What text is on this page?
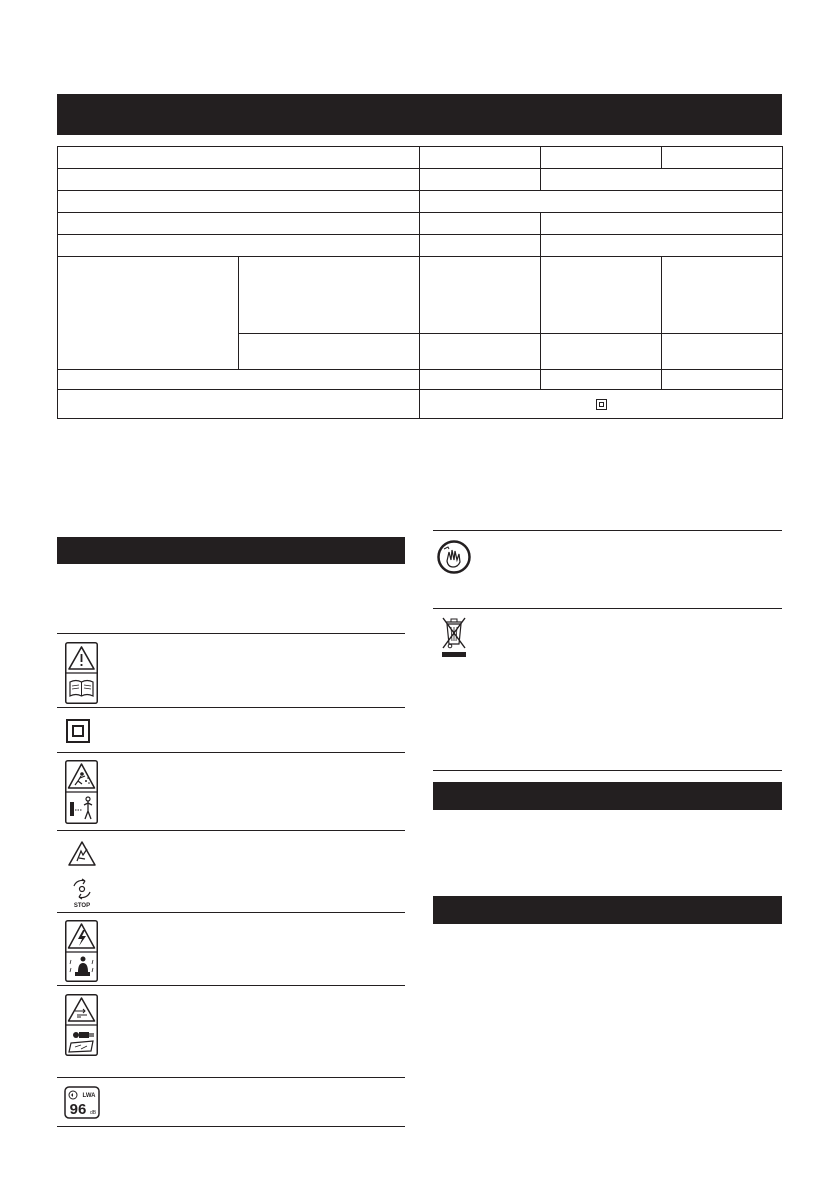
STOP
LWA
96 dB
